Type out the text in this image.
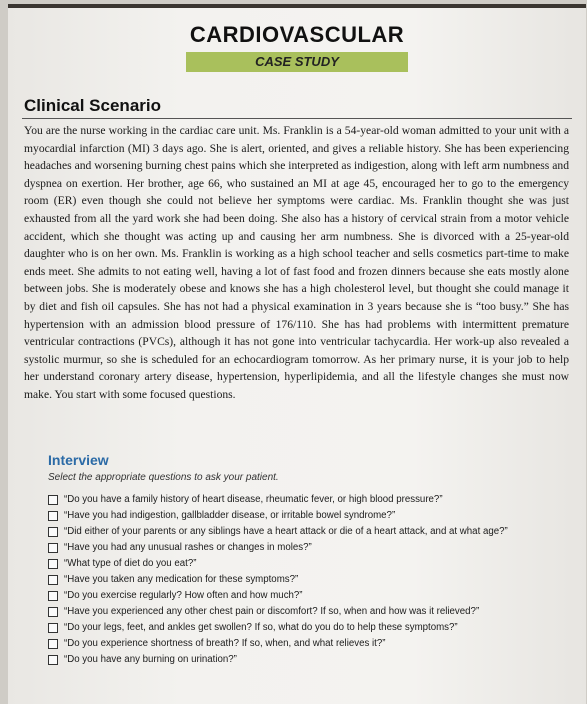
CARDIOVASCULAR
CASE STUDY
Clinical Scenario
You are the nurse working in the cardiac care unit. Ms. Franklin is a 54-year-old woman admitted to your unit with a myocardial infarction (MI) 3 days ago. She is alert, oriented, and gives a reliable history. She has been experiencing headaches and worsening burning chest pains which she interpreted as indigestion, along with left arm numbness and dyspnea on exertion. Her brother, age 66, who sustained an MI at age 45, encouraged her to go to the emergency room (ER) even though she could not believe her symptoms were cardiac. Ms. Franklin thought she was just exhausted from all the yard work she had been doing. She also has a history of cervical strain from a motor vehicle accident, which she thought was acting up and causing her arm numbness. She is divorced with a 25-year-old daughter who is on her own. Ms. Franklin is working as a high school teacher and sells cosmetics part-time to make ends meet. She admits to not eating well, having a lot of fast food and frozen dinners because she eats mostly alone between jobs. She is moderately obese and knows she has a high cholesterol level, but thought she could manage it by diet and fish oil capsules. She has not had a physical examination in 3 years because she is “too busy.” She has hypertension with an admission blood pressure of 176/110. She has had problems with intermittent premature ventricular contractions (PVCs), although it has not gone into ventricular tachycardia. Her work-up also revealed a systolic murmur, so she is scheduled for an echocardiogram tomorrow. As her primary nurse, it is your job to help her understand coronary artery disease, hypertension, hyperlipidemia, and all the lifestyle changes she must now make. You start with some focused questions.
Interview
Select the appropriate questions to ask your patient.
“Do you have a family history of heart disease, rheumatic fever, or high blood pressure?”
“Have you had indigestion, gallbladder disease, or irritable bowel syndrome?”
“Did either of your parents or any siblings have a heart attack or die of a heart attack, and at what age?”
“Have you had any unusual rashes or changes in moles?”
“What type of diet do you eat?”
“Have you taken any medication for these symptoms?”
“Do you exercise regularly? How often and how much?”
“Have you experienced any other chest pain or discomfort? If so, when and how was it relieved?”
“Do your legs, feet, and ankles get swollen? If so, what do you do to help these symptoms?”
“Do you experience shortness of breath? If so, when, and what relieves it?”
“Do you have any burning on urination?”
